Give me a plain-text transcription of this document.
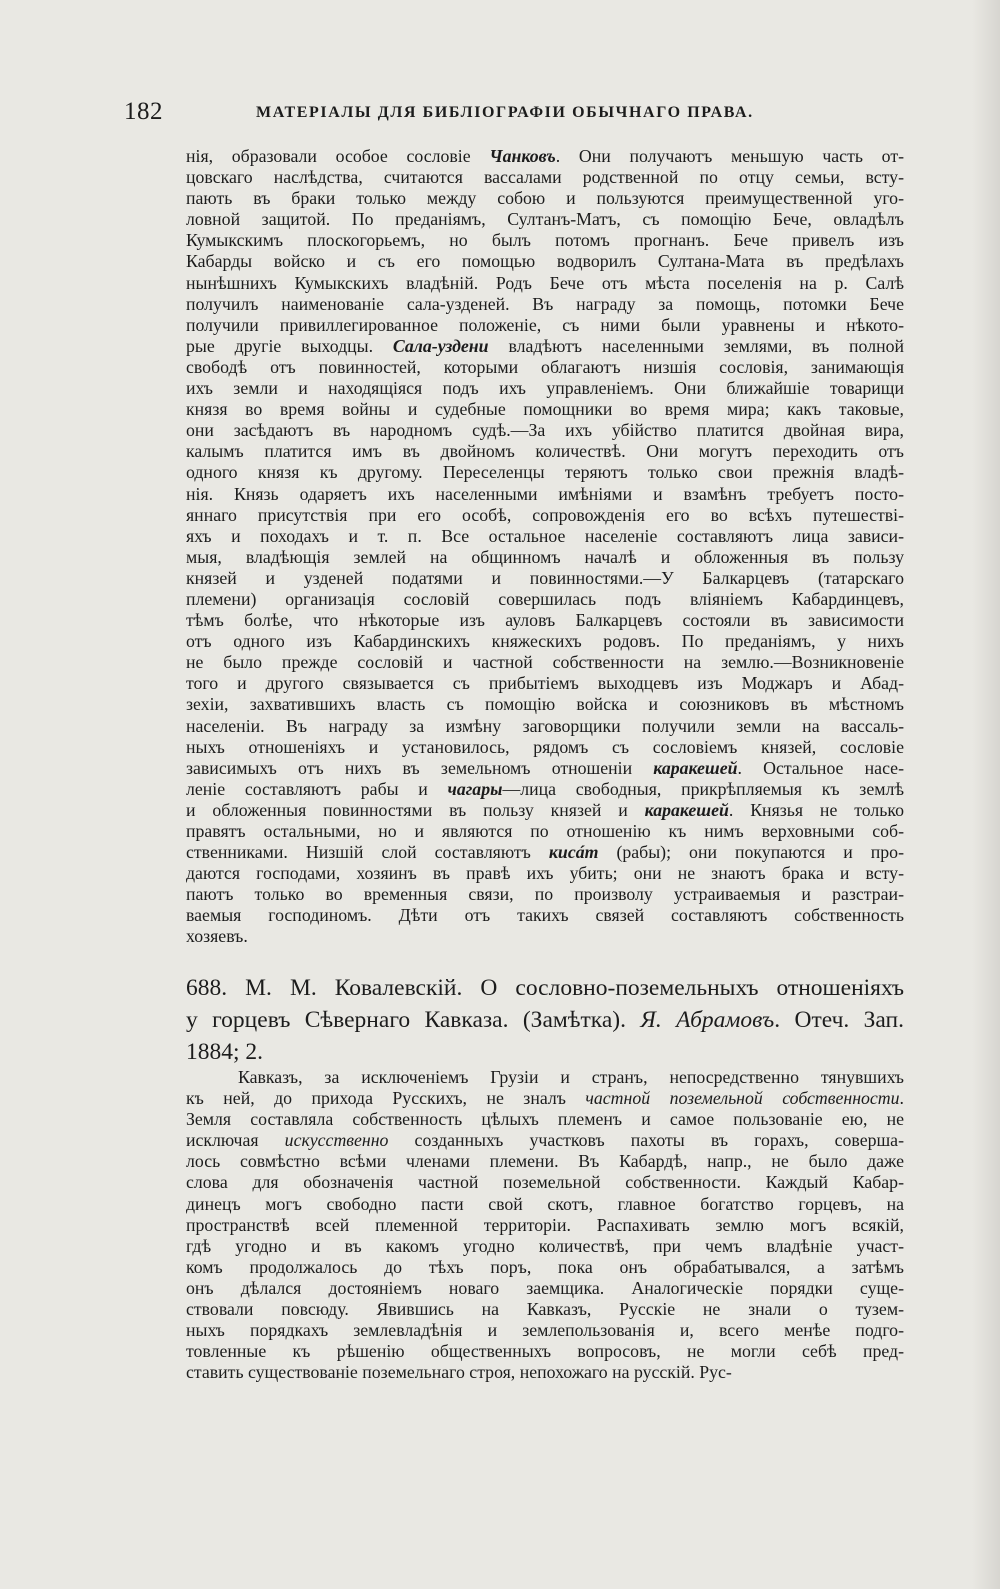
182	МАТЕРІАЛЫ ДЛЯ БИБЛІОГРАФІИ ОБЫЧНАГО ПРАВА.
нія, образовали особое сословіе Чанковъ. Они получаютъ меньшую часть от-
цовскаго наслѣдства, считаются вассалами родственной по отцу семьи, всту-
пають въ браки только между собою и пользуются преимущественной уго-
ловной защитой. По преданіямъ, Султанъ-Матъ, съ помощію Бече, овладѣлъ
Кумыкскимъ плоскогорьемъ, но былъ потомъ прогнанъ. Бече привелъ изъ
Кабарды войско и съ его помощью водворилъ Султана-Мата въ предѣлахъ
нынѣшнихъ Кумыкскихъ владѣній. Родъ Бече отъ мѣста поселенія на р. Салѣ
получилъ наименованіе сала-узденей. Въ награду за помощь, потомки Бече
получили привиллегированное положеніе, съ ними были уравнены и нѣкото-
рые другіе выходцы. Сала-уздени владѣютъ населенными землями, въ полной
свободѣ отъ повинностей, которыми облагаютъ низшія сословія, занимающія
ихъ земли и находящіяся подъ ихъ управленіемъ. Они ближайшіе товарищи
князя во время войны и судебные помощники во время мира; какъ таковые,
они засѣдаютъ въ народномъ судѣ.—За ихъ убійство платится двойная вира,
калымъ платится имъ въ двойномъ количествѣ. Они могутъ переходить отъ
одного князя къ другому. Переселенцы теряютъ только свои прежнія владѣ-
нія. Князь одаряетъ ихъ населенными имѣніями и взамѣнъ требуетъ посто-
яннаго присутствія при его особѣ, сопровожденія его во всѣхъ путешествi-
яхъ и походахъ и т. п. Все остальное населеніе составляютъ лица зависи-
мыя, владѣющія землей на общинномъ началѣ и обложенныя въ пользу
князей и узденей податями и повинностями.—У Балкарцевъ (татарскаго
племени) организація сословій совершилась подъ вліяніемъ Кабардинцевъ,
тѣмъ болѣе, что нѣкоторые изъ ауловъ Балкарцевъ состояли въ зависимости
отъ одного изъ Кабардинскихъ княжескихъ родовъ. По преданіямъ, у нихъ
не было прежде сословій и частной собственности на землю.—Возникновеніе
того и другого связывается съ прибытіемъ выходцевъ изъ Моджаръ и Абад-
зехіи, захватившихъ власть съ помощію войска и союзниковъ въ мѣстномъ
населеніи. Въ награду за измѣну заговорщики получили земли на вассаль-
ныхъ отношеніяхъ и установилось, рядомъ съ сословіемъ князей, сословіе
зависимыхъ отъ нихъ въ земельномъ отношеніи каракешей. Остальное насе-
леніе составляютъ рабы и чагары—лица свободныя, прикрѣпляемыя къ землѣ
и обложенныя повинностями въ пользу князей и каракешей. Князья не только
правятъ остальными, но и являются по отношенію къ нимъ верховными соб-
ственниками. Низшій слой составляютъ кисáт (рабы); они покупаются и про-
даются господами, хозяинъ въ правѣ ихъ убить; они не знаютъ брака и всту-
паютъ только во временныя связи, по произволу устраиваемыя и разстраи-
ваемыя господиномъ. Дѣти отъ такихъ связей составляютъ собственность
хозяевъ.
688. М. М. Ковалевскій. О сословно-поземельныхъ отношеніяхъ
у горцевъ Сѣвернаго Кавказа. (Замѣтка). Я. Абрамовъ. Отеч. Зап.
1884; 2.
Кавказъ, за исключеніемъ Грузіи и странъ, непосредственно тянувшихъ
къ ней, до прихода Русскихъ, не зналъ частной поземельной собственности.
Земля составляла собственность цѣлыхъ племенъ и самое пользованіе ею, не
исключая искусственно созданныхъ участковъ пахоты въ горахъ, соверша-
лось совмѣстно всѣми членами племени. Въ Кабардѣ, напр., не было даже
слова для обозначенія частной поземельной собственности. Каждый Кабар-
динецъ могъ свободно пасти свой скотъ, главное богатство горцевъ, на
пространствѣ всей племенной территоріи. Распахивать землю могъ всякій,
гдѣ угодно и въ какомъ угодно количествѣ, при чемъ владѣніе участ-
комъ продолжалось до тѣхъ поръ, пока онъ обрабатывался, а затѣмъ
онъ дѣлался достояніемъ новаго заемщика. Аналогическіе порядки суще-
ствовали повсюду. Явившись на Кавказъ, Русскіе не знали о тузем-
ныхъ порядкахъ землевладѣнія и землепользованія и, всего менѣе подго-
товленные къ рѣшенію общественныхъ вопросовъ, не могли себѣ пред-
ставить существованіе поземельнаго строя, непохожаго на русскій. Рус-
